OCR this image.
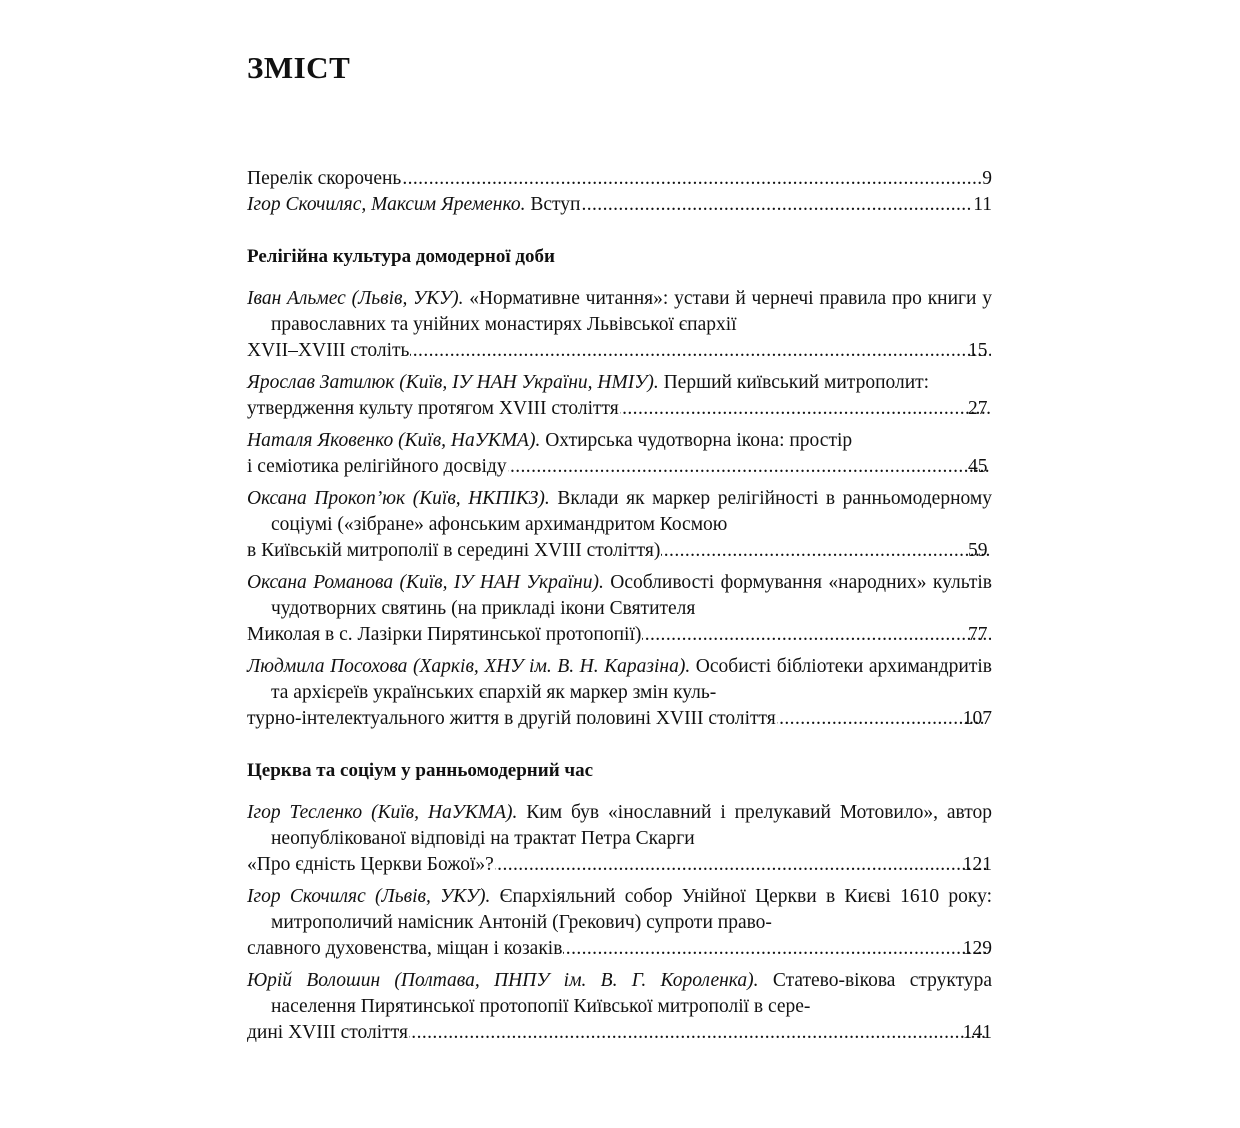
ЗМІСТ
Перелік скорочень .....	9
Ігор Скочиляс, Максим Яременко. Вступ .....	11
Релігійна культура домодерної доби
Іван Альмес (Львів, УКУ). «Нормативне читання»: устави й чернечі правила про книги у православних та унійних монастирях Львівської єпархії
XVII–XVIII століть .....	15
Ярослав Затилюк (Київ, ІУ НАН України, НМІУ). Перший київський митрополит:
утвердження культу протягом XVIII століття .....	27
Наталя Яковенко (Київ, НаУКМА). Охтирська чудотворна ікона: простір
і семіотика релігійного досвіду .....	45
Оксана Прокоп’юк (Київ, НКПІКЗ). Вклади як маркер релігійності в ранньомодерному соціумі («зібране» афонським архимандритом Космою
в Київській митрополії в середині XVIII століття) .....	59
Оксана Романова (Київ, ІУ НАН України). Особливості формування «народних» культів чудотворних святинь (на прикладі ікони Святителя
Миколая в с. Лазірки Пирятинської протопопії) .....	77
Людмила Посохова (Харків, ХНУ ім. В. Н. Каразіна). Особисті бібліотеки архимандритів та архієреїв українських єпархій як маркер змін куль-
турно-інтелектуального життя в другій половині XVIII століття .....	107
Церква та соціум у ранньомодерний час
Ігор Тесленко (Київ, НаУКМА). Ким був «інославний і прелукавий Мотовило», автор неопублікованої відповіді на трактат Петра Скарги
«Про єдність Церкви Божої»? .....	121
Ігор Скочиляс (Львів, УКУ). Єпархіяльний собор Унійної Церкви в Києві 1610 року: митрополичий намісник Антоній (Грекович) супроти право-
славного духовенства, міщан і козаків .....	129
Юрій Волошин (Полтава, ПНПУ ім. В. Г. Короленка). Статево-вікова структура населення Пирятинської протопопії Київської митрополії в сере-
дині XVIII століття .....	141
